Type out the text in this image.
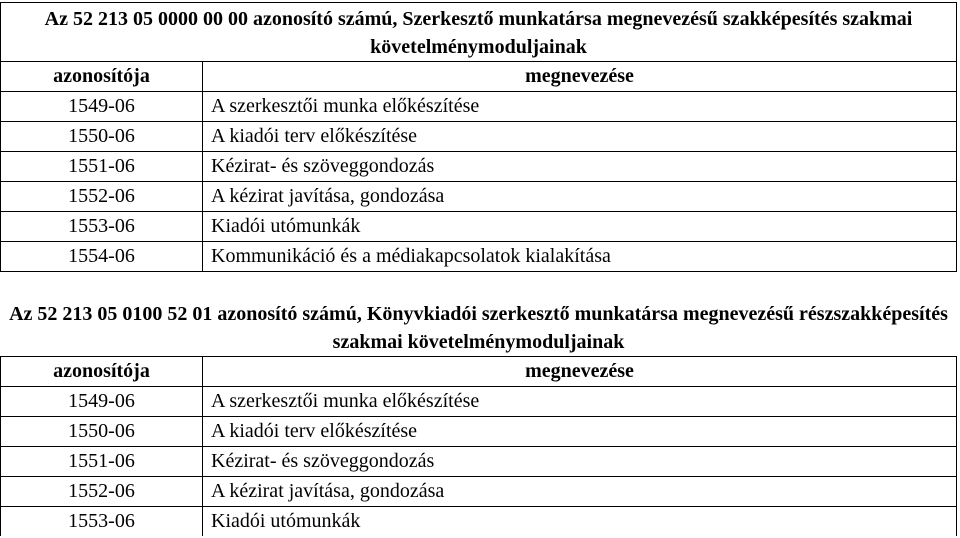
Az 52 213 05 0000 00 00 azonosító számú, Szerkesztő munkatársa megnevezésű szakképesítés szakmai követelménymoduljainak	
azonosítója	megnevezése
1549-06	A szerkesztői munka előkészítése
1550-06	A kiadói terv előkészítése
1551-06	Kézirat- és szöveggondozás
1552-06	A kézirat javítása, gondozása
1553-06	Kiadói utómunkák
1554-06	Kommunikáció és a médiakapcsolatok kialakítása
Az 52 213 05 0100 52 01 azonosító számú, Könyvkiadói szerkesztő munkatársa megnevezésű részszakképesítés szakmai követelménymoduljainak	
azonosítója	megnevezése
1549-06	A szerkesztői munka előkészítése
1550-06	A kiadói terv előkészítése
1551-06	Kézirat- és szöveggondozás
1552-06	A kézirat javítása, gondozása
1553-06	Kiadói utómunkák
